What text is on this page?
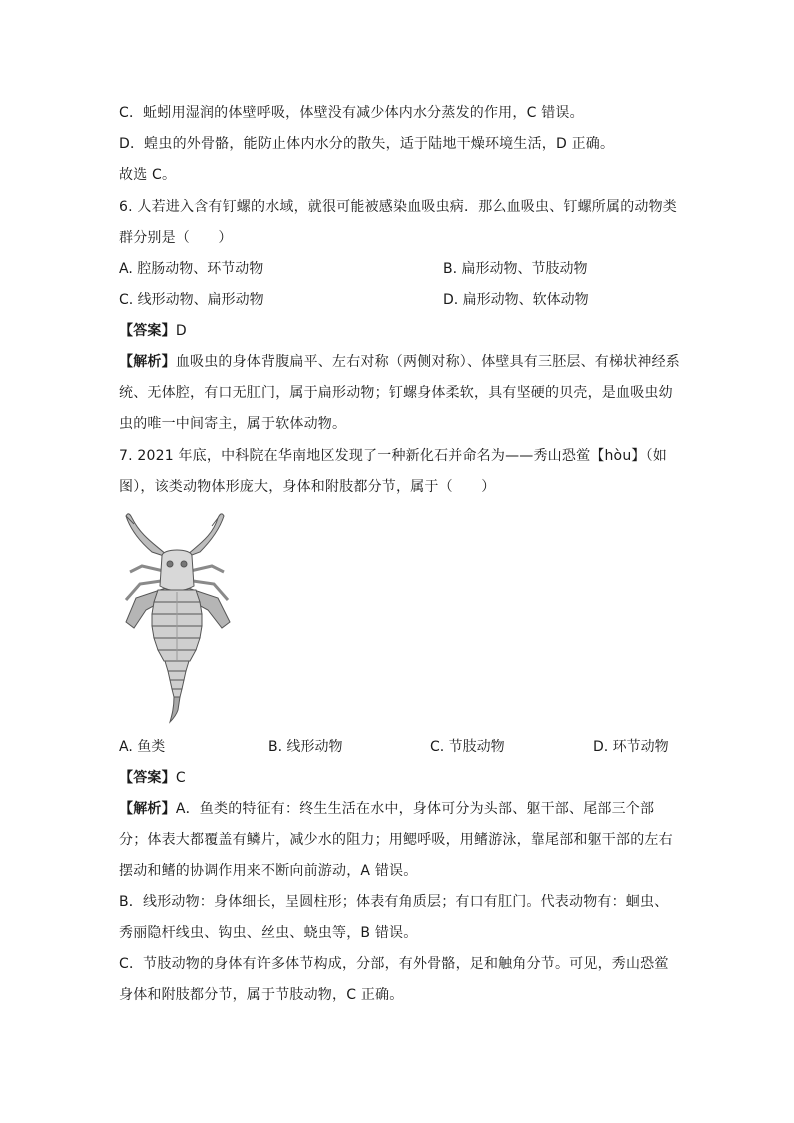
C．蚯蚓用湿润的体壁呼吸，体壁没有减少体内水分蒸发的作用，C 错误。
D．蝗虫的外骨骼，能防止体内水分的散失，适于陆地干燥环境生活，D 正确。
故选 C。
6. 人若进入含有钉螺的水域，就很可能被感染血吸虫病．那么血吸虫、钉螺所属的动物类
群分别是（　　）
A. 腔肠动物、环节动物	B. 扁形动物、节肢动物
C. 线形动物、扁形动物	D. 扁形动物、软体动物
【答案】D
【解析】血吸虫的身体背腹扁平、左右对称（两侧对称）、体壁具有三胚层、有梯状神经系
统、无体腔，有口无肛门，属于扁形动物；钉螺身体柔软，具有坚硬的贝壳，是血吸虫幼
虫的唯一中间寄主，属于软体动物。
7. 2021 年底，中科院在华南地区发现了一种新化石并命名为——秀山恐鲎【hòu】（如
图），该类动物体形庞大，身体和附肢都分节，属于（　　）
A. 鱼类	B. 线形动物	C. 节肢动物	D. 环节动物
【答案】C
【解析】A．鱼类的特征有：终生生活在水中，身体可分为头部、躯干部、尾部三个部
分；体表大都覆盖有鳞片，减少水的阻力；用鳃呼吸，用鳍游泳，靠尾部和躯干部的左右
摆动和鳍的协调作用来不断向前游动，A 错误。
B．线形动物：身体细长，呈圆柱形；体表有角质层；有口有肛门。代表动物有：蛔虫、
秀丽隐杆线虫、钩虫、丝虫、蛲虫等，B 错误。
C．节肢动物的身体有许多体节构成，分部，有外骨骼，足和触角分节。可见，秀山恐鲎
身体和附肢都分节，属于节肢动物，C 正确。
